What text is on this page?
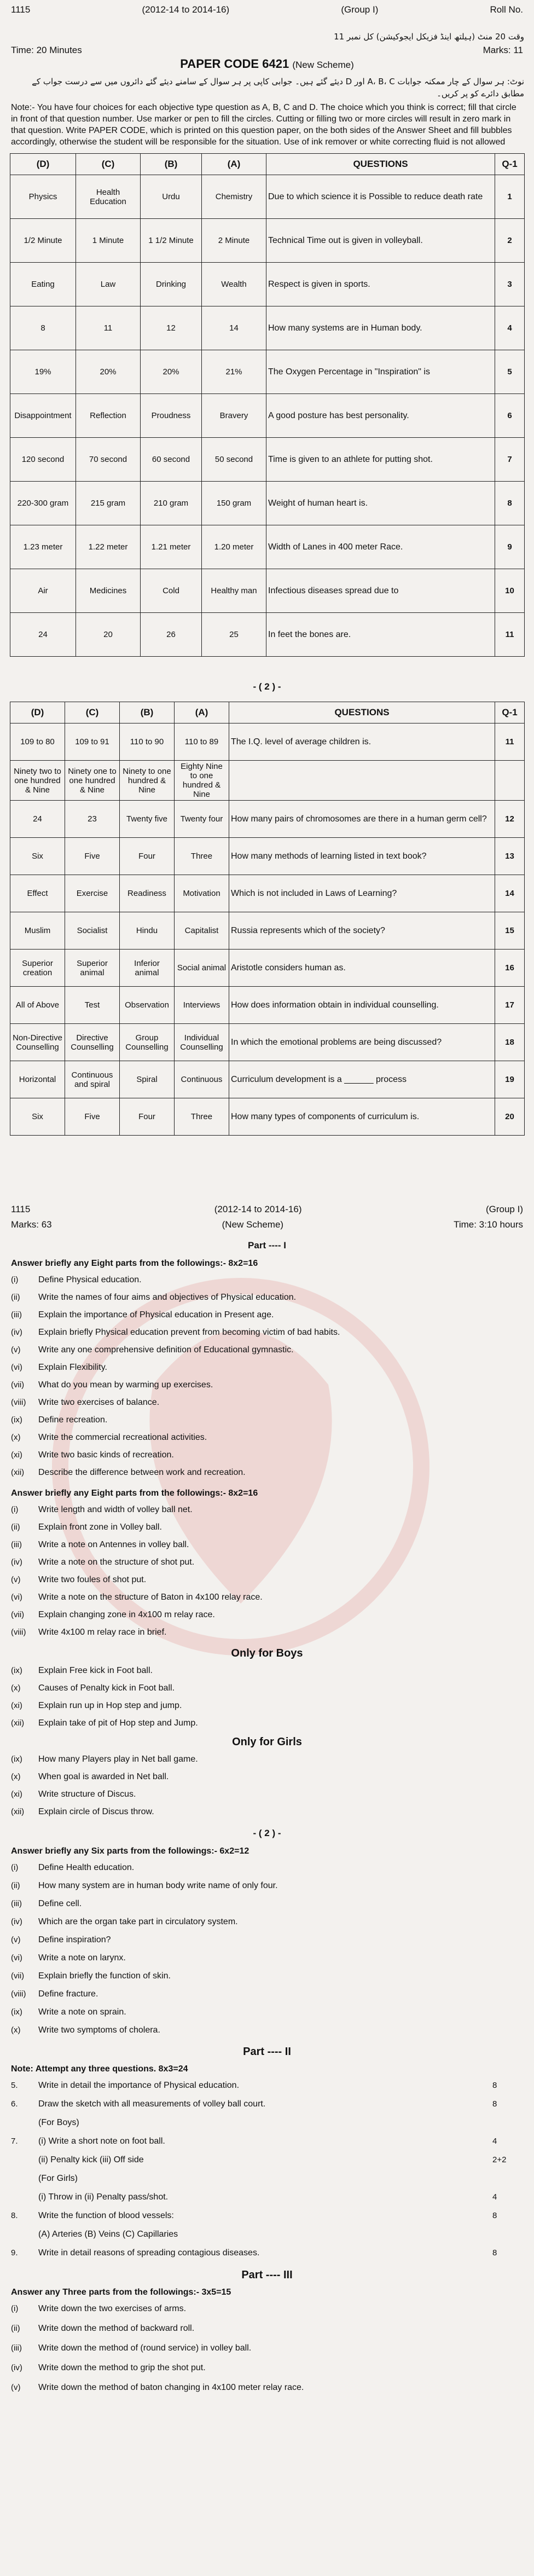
1115	(2012-14 to 2014-16)	(Group I)	Roll No.
وقت 20 منٹ (ہیلتھ اینڈ فزیکل ایجوکیشن) کل نمبر 11
Time: 20 Minutes	Marks: 11
PAPER CODE 6421 (New Scheme)
نوٹ: ہر سوال کے چار ممکنہ جوابات A، B، C اور D دیئے گئے ہیں۔ جوابی کاپی پر ہر سوال کے سامنے دیئے گئے دائروں میں سے درست جواب کے مطابق دائرے کو پر کریں۔
Note:- You have four choices for each objective type question as A, B, C and D. The choice which you think is correct; fill that circle in front of that question number. Use marker or pen to fill the circles. Cutting or filling two or more circles will result in zero mark in that question. Write PAPER CODE, which is printed on this question paper, on the both sides of the Answer Sheet and fill bubbles accordingly, otherwise the student will be responsible for the situation. Use of ink remover or white correcting fluid is not allowed
(D)	(C)	(B)	(A)	QUESTIONS	Q-1
Physics	Health Education	Urdu	Chemistry	Due to which science it is Possible to reduce death rate	1
1/2 Minute	1 Minute	1 1/2 Minute	2 Minute	Technical Time out is given in volleyball.	2
Eating	Law	Drinking	Wealth	Respect is given in sports.	3
8	11	12	14	How many systems are in Human body.	4
19%	20%	20%	21%	The Oxygen Percentage in "Inspiration" is	5
Disappointment	Reflection	Proudness	Bravery	A good posture has best personality.	6
120 second	70 second	60 second	50 second	Time is given to an athlete for putting shot.	7
220-300 gram	215 gram	210 gram	150 gram	Weight of human heart is.	8
1.23 meter	1.22 meter	1.21 meter	1.20 meter	Width of Lanes in 400 meter Race.	9
Air	Medicines	Cold	Healthy man	Infectious diseases spread due to	10
24	20	26	25	In feet the bones are.	11
- ( 2 ) -
(D)	(C)	(B)	(A)	QUESTIONS	Q-1
109 to 80	109 to 91	110 to 90	110 to 89	The I.Q. level of average children is.	11
Ninety two to one hundred & Nine	Ninety one to one hundred & Nine	Ninety to one hundred & Nine	Eighty Nine to one hundred & Nine		
24	23	Twenty five	Twenty four	How many pairs of chromosomes are there in a human germ cell?	12
Six	Five	Four	Three	How many methods of learning listed in text book?	13
Effect	Exercise	Readiness	Motivation	Which is not included in Laws of Learning?	14
Muslim	Socialist	Hindu	Capitalist	Russia represents which of the society?	15
Superior creation	Superior animal	Inferior animal	Social animal	Aristotle considers human as.	16
All of Above	Test	Observation	Interviews	How does information obtain in individual counselling.	17
Non-Directive Counselling	Directive Counselling	Group Counselling	Individual Counselling	In which the emotional problems are being discussed?	18
Horizontal	Continuous and spiral	Spiral	Continuous	Curriculum development is a ______ process	19
Six	Five	Four	Three	How many types of components of curriculum is.	20
1115	(2012-14 to 2014-16)	(Group I)
Marks: 63	(New Scheme)	Time: 3:10 hours
Part ---- I
Answer briefly any Eight parts from the followings:- 8x2=16
(i) Define Physical education.
(ii) Write the names of four aims and objectives of Physical education.
(iii) Explain the importance of Physical education in Present age.
(iv) Explain briefly Physical education prevent from becoming victim of bad habits.
(v) Write any one comprehensive definition of Educational gymnastic.
(vi) Explain Flexibility.
(vii) What do you mean by warming up exercises.
(viii) Write two exercises of balance.
(ix) Define recreation.
(x) Write the commercial recreational activities.
(xi) Write two basic kinds of recreation.
(xii) Describe the difference between work and recreation.
Answer briefly any Eight parts from the followings:- 8x2=16
(i) Write length and width of volley ball net.
(ii) Explain front zone in Volley ball.
(iii) Write a note on Antennes in volley ball.
(iv) Write a note on the structure of shot put.
(v) Write two foules of shot put.
(vi) Write a note on the structure of Baton in 4x100 relay race.
(vii) Explain changing zone in 4x100 m relay race.
(viii) Write 4x100 m relay race in brief.
Only for Boys
(ix) Explain Free kick in Foot ball.
(x) Causes of Penalty kick in Foot ball.
(xi) Explain run up in Hop step and jump.
(xii) Explain take of pit of Hop step and Jump.
Only for Girls
(ix) How many Players play in Net ball game.
(x) When goal is awarded in Net ball.
(xi) Write structure of Discus.
(xii) Explain circle of Discus throw.
- ( 2 ) -
Answer briefly any Six parts from the followings:- 6x2=12
(i) Define Health education.
(ii) How many system are in human body write name of only four.
(iii) Define cell.
(iv) Which are the organ take part in circulatory system.
(v) Define inspiration?
(vi) Write a note on larynx.
(vii) Explain briefly the function of skin.
(viii) Define fracture.
(ix) Write a note on sprain.
(x) Write two symptoms of cholera.
Part ---- II
Note: Attempt any three questions. 8x3=24
5. Write in detail the importance of Physical education.	8
6. Draw the sketch with all measurements of volley ball court.	8
(For Boys)
7. (i) Write a short note on foot ball.	4
(ii) Penalty kick (iii) Off side	2+2
(For Girls)
(i) Throw in (ii) Penalty pass/shot.	4
8. Write the function of blood vessels:	8
(A) Arteries (B) Veins (C) Capillaries
9. Write in detail reasons of spreading contagious diseases.	8
Part ---- III
Answer any Three parts from the followings:- 3x5=15
(i) Write down the two exercises of arms.
(ii) Write down the method of backward roll.
(iii) Write down the method of (round service) in volley ball.
(iv) Write down the method to grip the shot put.
(v) Write down the method of baton changing in 4x100 meter relay race.
